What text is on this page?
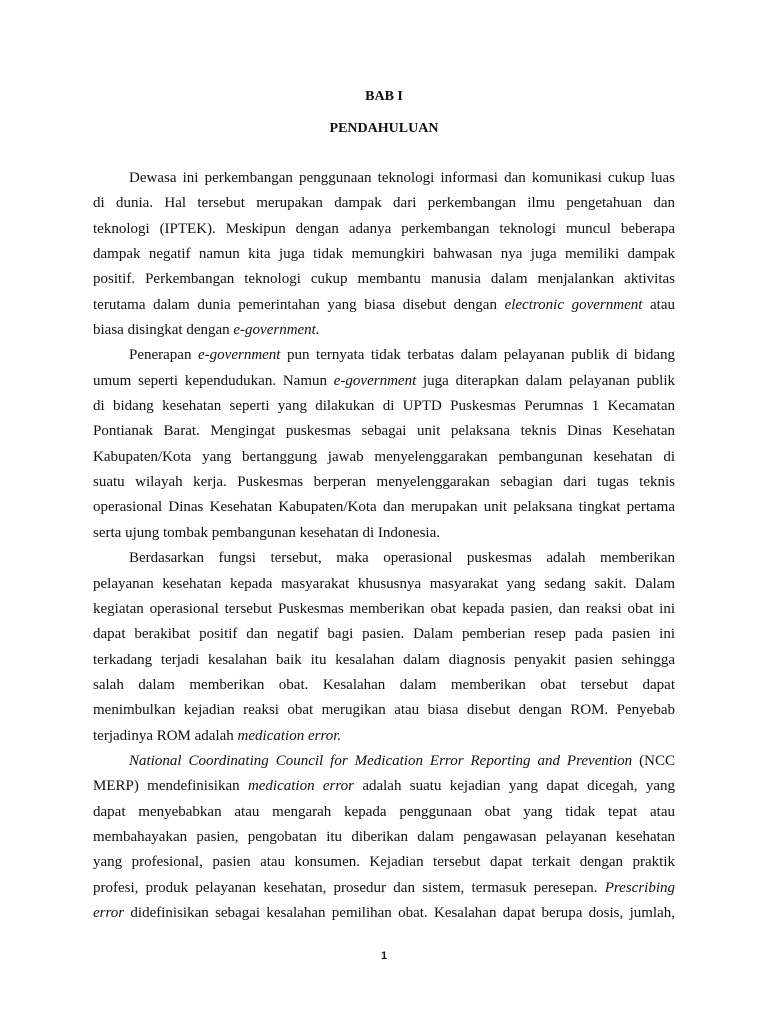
BAB I
PENDAHULUAN
Dewasa ini perkembangan penggunaan teknologi informasi dan komunikasi cukup luas
di dunia. Hal tersebut merupakan dampak dari perkembangan ilmu pengetahuan dan
teknologi (IPTEK). Meskipun dengan adanya perkembangan teknologi muncul beberapa
dampak negatif namun kita juga tidak memungkiri bahwasan nya juga memiliki dampak
positif. Perkembangan teknologi cukup membantu manusia dalam menjalankan aktivitas
terutama dalam dunia pemerintahan yang biasa disebut dengan electronic government atau
biasa disingkat dengan e-government.
Penerapan e-government pun ternyata tidak terbatas dalam pelayanan publik di bidang
umum seperti kependudukan. Namun e-government juga diterapkan dalam pelayanan publik
di bidang kesehatan seperti yang dilakukan di UPTD Puskesmas Perumnas 1 Kecamatan
Pontianak Barat. Mengingat puskesmas sebagai unit pelaksana teknis Dinas Kesehatan
Kabupaten/Kota yang bertanggung jawab menyelenggarakan pembangunan kesehatan di
suatu wilayah kerja. Puskesmas berperan menyelenggarakan sebagian dari tugas teknis
operasional Dinas Kesehatan Kabupaten/Kota dan merupakan unit pelaksana tingkat pertama
serta ujung tombak pembangunan kesehatan di Indonesia.
Berdasarkan fungsi tersebut, maka operasional puskesmas adalah memberikan
pelayanan kesehatan kepada masyarakat khususnya masyarakat yang sedang sakit. Dalam
kegiatan operasional tersebut Puskesmas memberikan obat kepada pasien, dan reaksi obat ini
dapat berakibat positif dan negatif bagi pasien. Dalam pemberian resep pada pasien ini
terkadang terjadi kesalahan baik itu kesalahan dalam diagnosis penyakit pasien sehingga
salah dalam memberikan obat. Kesalahan dalam memberikan obat tersebut dapat
menimbulkan kejadian reaksi obat merugikan atau biasa disebut dengan ROM. Penyebab
terjadinya ROM adalah medication error.
National Coordinating Council for Medication Error Reporting and Prevention (NCC
MERP) mendefinisikan medication error adalah suatu kejadian yang dapat dicegah, yang
dapat menyebabkan atau mengarah kepada penggunaan obat yang tidak tepat atau
membahayakan pasien, pengobatan itu diberikan dalam pengawasan pelayanan kesehatan
yang profesional, pasien atau konsumen. Kejadian tersebut dapat terkait dengan praktik
profesi, produk pelayanan kesehatan, prosedur dan sistem, termasuk peresepan. Prescribing
error didefinisikan sebagai kesalahan pemilihan obat. Kesalahan dapat berupa dosis, jumlah,
1
